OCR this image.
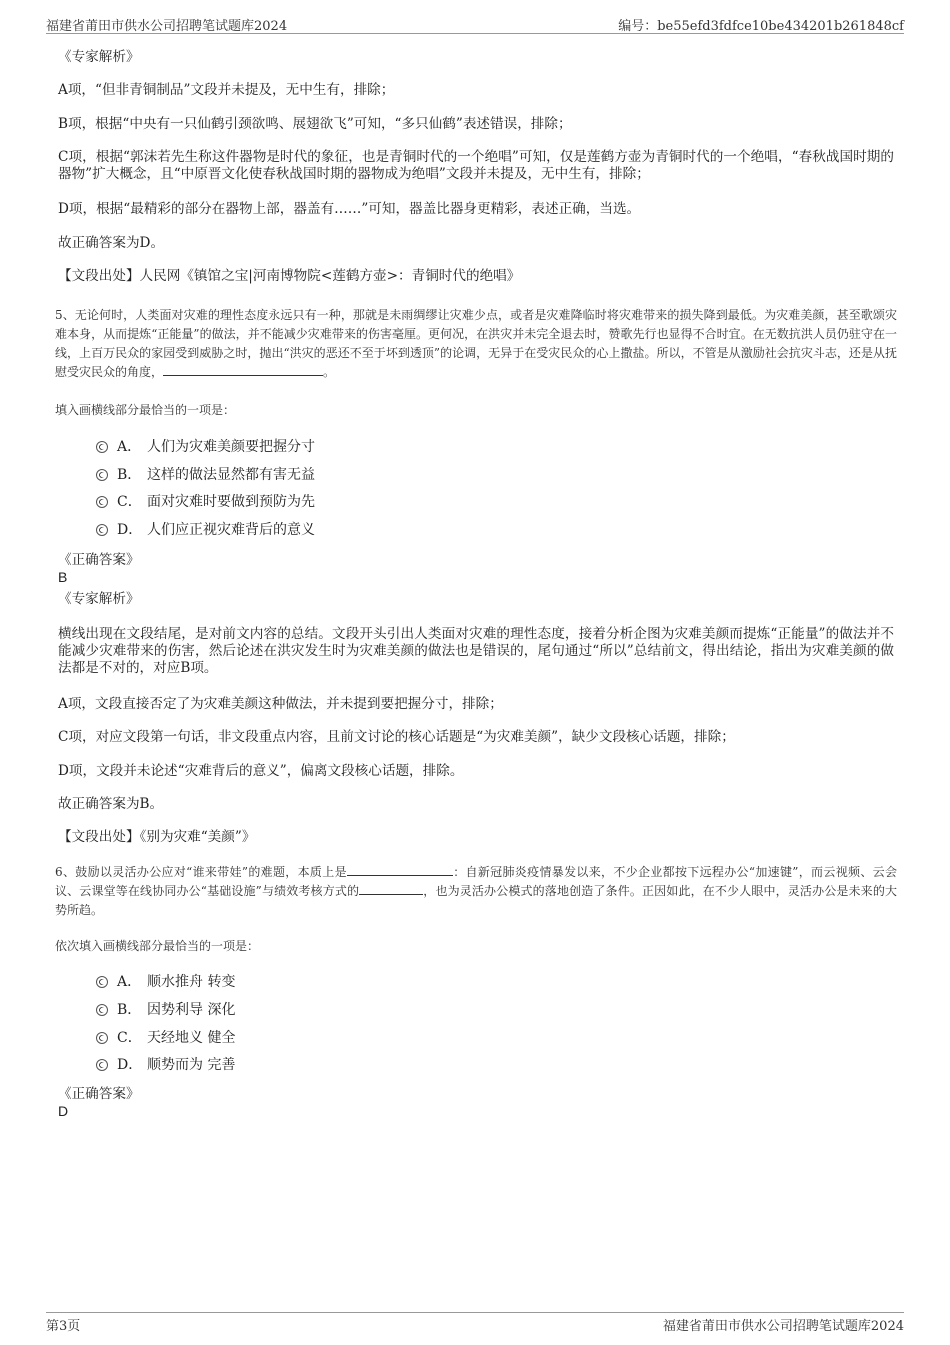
福建省莆田市供水公司招聘笔试题库2024	编号：be55efd3fdfce10be434201b261848cf
《专家解析》
A项，“但非青铜制品”文段并未提及，无中生有，排除；
B项，根据“中央有一只仙鹤引颈欲鸣、展翅欲飞”可知，“多只仙鹤”表述错误，排除；
C项，根据“郭沫若先生称这件器物是时代的象征，也是青铜时代的一个绝唱”可知，仅是莲鹤方壶为青铜时代的一个绝唱，“春秋战国时期的器物”扩大概念，且“中原晋文化使春秋战国时期的器物成为绝唱”文段并未提及，无中生有，排除；
D项，根据“最精彩的部分在器物上部，器盖有……”可知，器盖比器身更精彩，表述正确，当选。
故正确答案为D。
【文段出处】人民网《镇馆之宝|河南博物院<莲鹤方壶>：青铜时代的绝唱》
5、无论何时，人类面对灾难的理性态度永远只有一种，那就是未雨绸缪让灾难少点，或者是灾难降临时将灾难带来的损失降到最低。为灾难美颜，甚至歌颂灾难本身，从而提炼“正能量”的做法，并不能减少灾难带来的伤害毫厘。更何况，在洪灾并未完全退去时，赞歌先行也显得不合时宜。在无数抗洪人员仍驻守在一线，上百万民众的家园受到威胁之时，抛出“洪灾的恶还不至于坏到透顶”的论调，无异于在受灾民众的心上撒盐。所以，不管是从激励社会抗灾斗志，还是从抚慰受灾民众的角度，	。
填入画横线部分最恰当的一项是：
A． 人们为灾难美颜要把握分寸
B． 这样的做法显然都有害无益
C． 面对灾难时要做到预防为先
D． 人们应正视灾难背后的意义
《正确答案》
B
《专家解析》
横线出现在文段结尾，是对前文内容的总结。文段开头引出人类面对灾难的理性态度，接着分析企图为灾难美颜而提炼“正能量”的做法并不能减少灾难带来的伤害，然后论述在洪灾发生时为灾难美颜的做法也是错误的，尾句通过“所以”总结前文，得出结论，指出为灾难美颜的做法都是不对的，对应B项。
A项，文段直接否定了为灾难美颜这种做法，并未提到要把握分寸，排除；
C项，对应文段第一句话，非文段重点内容，且前文讨论的核心话题是“为灾难美颜”，缺少文段核心话题，排除；
D项，文段并未论述“灾难背后的意义”，偏离文段核心话题，排除。
故正确答案为B。
【文段出处】《别为灾难“美颜”》
6、鼓励以灵活办公应对“谁来带娃”的难题，本质上是	：自新冠肺炎疫情暴发以来，不少企业都按下远程办公“加速键”，而云视频、云会议、云课堂等在线协同办公“基础设施”与绩效考核方式的	，也为灵活办公模式的落地创造了条件。正因如此，在不少人眼中，灵活办公是未来的大势所趋。
依次填入画横线部分最恰当的一项是：
A． 顺水推舟 转变
B． 因势利导 深化
C． 天经地义 健全
D． 顺势而为 完善
《正确答案》
D
第3页	福建省莆田市供水公司招聘笔试题库2024
